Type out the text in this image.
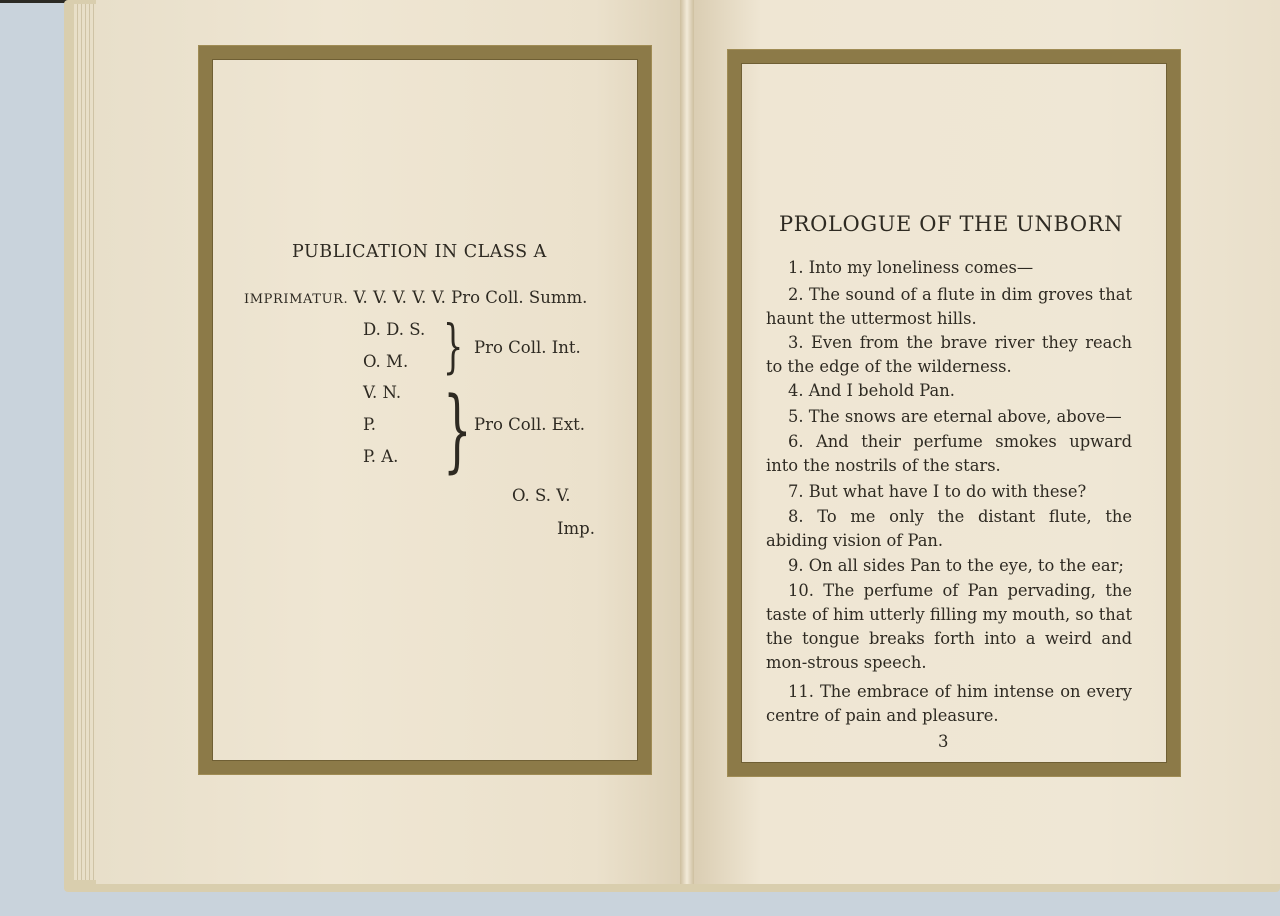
PUBLICATION IN CLASS A
IMPRIMATUR. V. V. V. V. V. Pro Coll. Summ.
D. D. S.
O. M. } Pro Coll. Int.
V. N.
P.
P. A. } Pro Coll. Ext.
O. S. V.
Imp.
PROLOGUE OF THE UNBORN
1. Into my loneliness comes—
2. The sound of a flute in dim groves that haunt the uttermost hills.
3. Even from the brave river they reach to the edge of the wilderness.
4. And I behold Pan.
5. The snows are eternal above, above—
6. And their perfume smokes upward into the nostrils of the stars.
7. But what have I to do with these?
8. To me only the distant flute, the abiding vision of Pan.
9. On all sides Pan to the eye, to the ear;
10. The perfume of Pan pervading, the taste of him utterly filling my mouth, so that the tongue breaks forth into a weird and mon-strous speech.
11. The embrace of him intense on every centre of pain and pleasure.
3
